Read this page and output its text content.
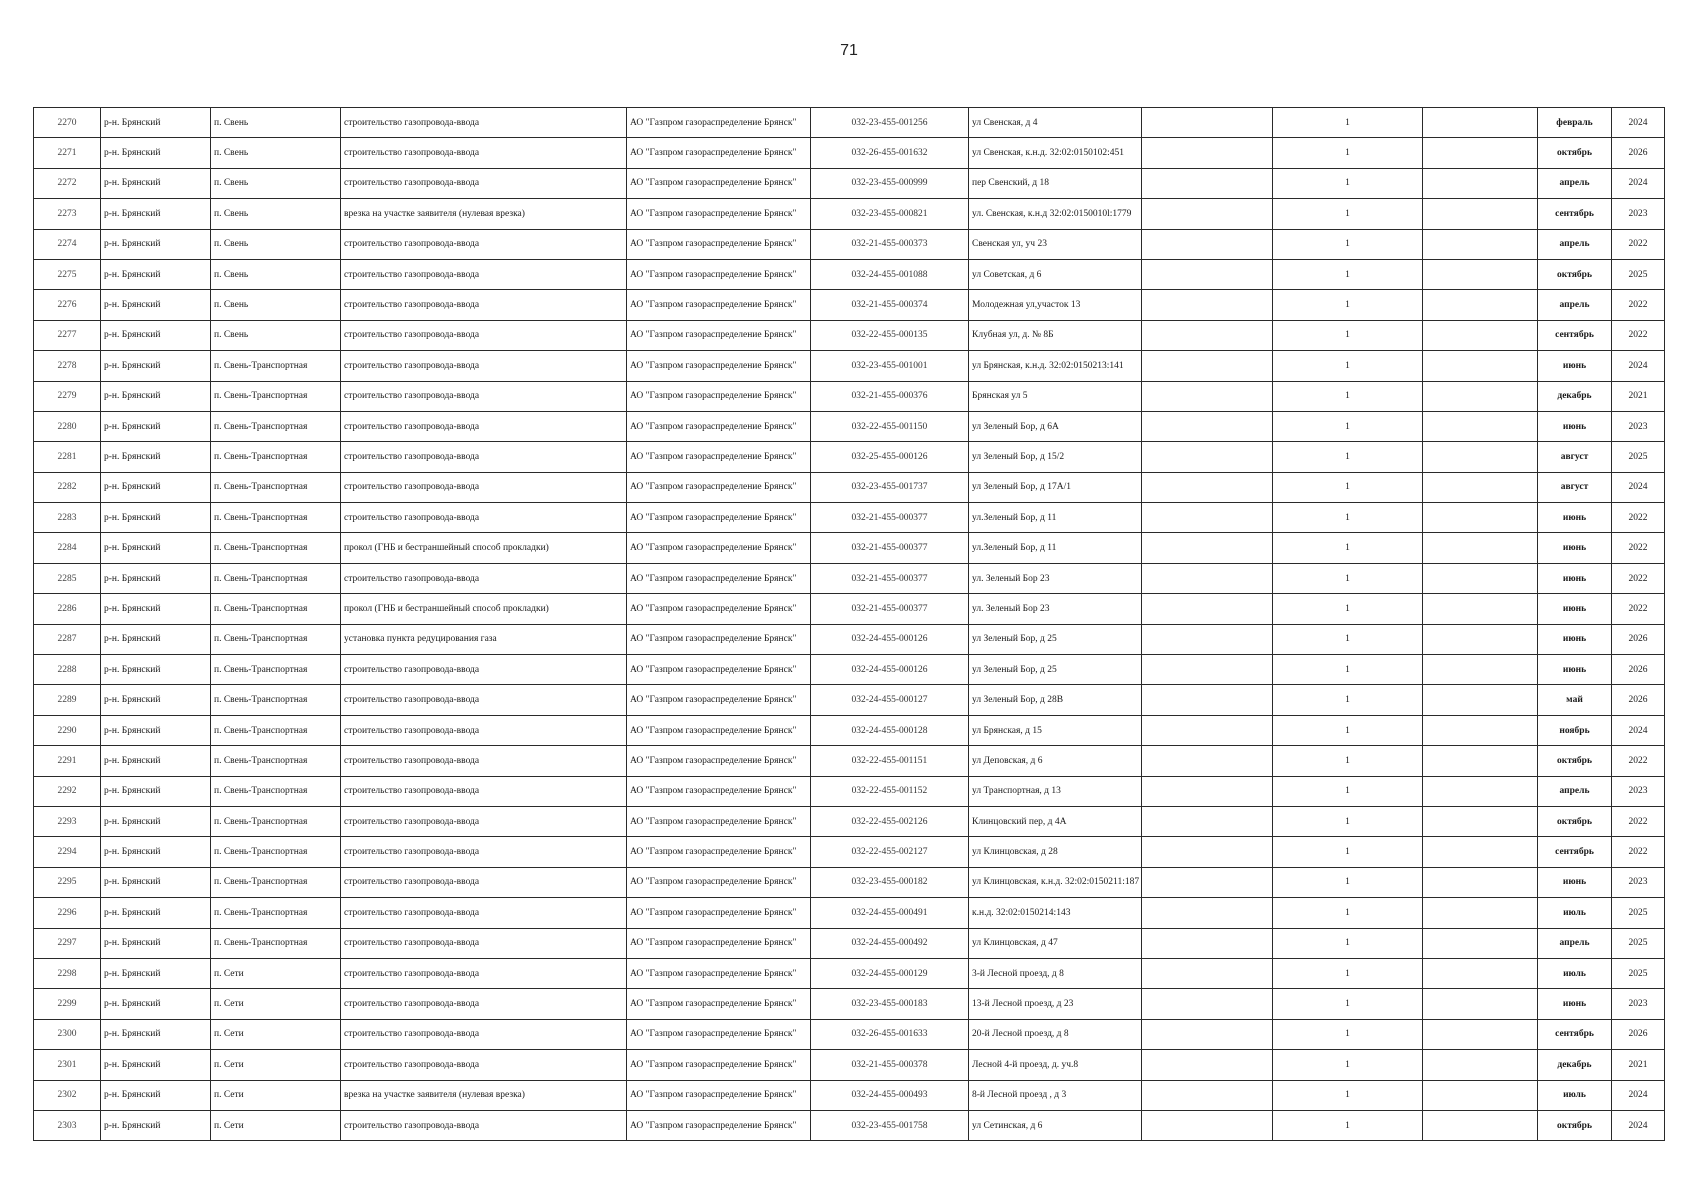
71
2270	р-н. Брянский	п. Свень	строительство газопровода-ввода	АО "Газпром газораспределение Брянск"	032-23-455-001256	ул Свенская, д 4		1		февраль	2024
2271	р-н. Брянский	п. Свень	строительство газопровода-ввода	АО "Газпром газораспределение Брянск"	032-26-455-001632	ул Свенская, к.н.д. 32:02:0150102:451		1		октябрь	2026
2272	р-н. Брянский	п. Свень	строительство газопровода-ввода	АО "Газпром газораспределение Брянск"	032-23-455-000999	пер Свенский, д 18		1		апрель	2024
2273	р-н. Брянский	п. Свень	врезка на участке заявителя (нулевая врезка)	АО "Газпром газораспределение Брянск"	032-23-455-000821	ул. Свенская, к.н.д 32:02:0150010l:1779		1		сентябрь	2023
2274	р-н. Брянский	п. Свень	строительство газопровода-ввода	АО "Газпром газораспределение Брянск"	032-21-455-000373	Свенская ул, уч 23		1		апрель	2022
2275	р-н. Брянский	п. Свень	строительство газопровода-ввода	АО "Газпром газораспределение Брянск"	032-24-455-001088	ул Советская, д 6		1		октябрь	2025
2276	р-н. Брянский	п. Свень	строительство газопровода-ввода	АО "Газпром газораспределение Брянск"	032-21-455-000374	Молодежная ул,участок 13		1		апрель	2022
2277	р-н. Брянский	п. Свень	строительство газопровода-ввода	АО "Газпром газораспределение Брянск"	032-22-455-000135	Клубная ул, д. № 8Б		1		сентябрь	2022
2278	р-н. Брянский	п. Свень-Транспортная	строительство газопровода-ввода	АО "Газпром газораспределение Брянск"	032-23-455-001001	ул Брянская, к.н.д. 32:02:0150213:141		1		июнь	2024
2279	р-н. Брянский	п. Свень-Транспортная	строительство газопровода-ввода	АО "Газпром газораспределение Брянск"	032-21-455-000376	Брянская ул 5		1		декабрь	2021
2280	р-н. Брянский	п. Свень-Транспортная	строительство газопровода-ввода	АО "Газпром газораспределение Брянск"	032-22-455-001150	ул Зеленый Бор, д 6А		1		июнь	2023
2281	р-н. Брянский	п. Свень-Транспортная	строительство газопровода-ввода	АО "Газпром газораспределение Брянск"	032-25-455-000126	ул Зеленый Бор, д 15/2		1		август	2025
2282	р-н. Брянский	п. Свень-Транспортная	строительство газопровода-ввода	АО "Газпром газораспределение Брянск"	032-23-455-001737	ул Зеленый Бор, д 17А/1		1		август	2024
2283	р-н. Брянский	п. Свень-Транспортная	строительство газопровода-ввода	АО "Газпром газораспределение Брянск"	032-21-455-000377	ул.Зеленый Бор, д 11		1		июнь	2022
2284	р-н. Брянский	п. Свень-Транспортная	прокол (ГНБ и бестраншейный способ прокладки)	АО "Газпром газораспределение Брянск"	032-21-455-000377	ул.Зеленый Бор, д 11		1		июнь	2022
2285	р-н. Брянский	п. Свень-Транспортная	строительство газопровода-ввода	АО "Газпром газораспределение Брянск"	032-21-455-000377	ул. Зеленый Бор 23		1		июнь	2022
2286	р-н. Брянский	п. Свень-Транспортная	прокол (ГНБ и бестраншейный способ прокладки)	АО "Газпром газораспределение Брянск"	032-21-455-000377	ул. Зеленый Бор 23		1		июнь	2022
2287	р-н. Брянский	п. Свень-Транспортная	установка пункта редуцирования газа	АО "Газпром газораспределение Брянск"	032-24-455-000126	ул Зеленый Бор, д 25		1		июнь	2026
2288	р-н. Брянский	п. Свень-Транспортная	строительство газопровода-ввода	АО "Газпром газораспределение Брянск"	032-24-455-000126	ул Зеленый Бор, д 25		1		июнь	2026
2289	р-н. Брянский	п. Свень-Транспортная	строительство газопровода-ввода	АО "Газпром газораспределение Брянск"	032-24-455-000127	ул Зеленый Бор, д 28В		1		май	2026
2290	р-н. Брянский	п. Свень-Транспортная	строительство газопровода-ввода	АО "Газпром газораспределение Брянск"	032-24-455-000128	ул Брянская, д 15		1		ноябрь	2024
2291	р-н. Брянский	п. Свень-Транспортная	строительство газопровода-ввода	АО "Газпром газораспределение Брянск"	032-22-455-001151	ул Деповская, д 6		1		октябрь	2022
2292	р-н. Брянский	п. Свень-Транспортная	строительство газопровода-ввода	АО "Газпром газораспределение Брянск"	032-22-455-001152	ул Транспортная, д 13		1		апрель	2023
2293	р-н. Брянский	п. Свень-Транспортная	строительство газопровода-ввода	АО "Газпром газораспределение Брянск"	032-22-455-002126	Клинцовский пер, д 4А		1		октябрь	2022
2294	р-н. Брянский	п. Свень-Транспортная	строительство газопровода-ввода	АО "Газпром газораспределение Брянск"	032-22-455-002127	ул Клинцовская, д 28		1		сентябрь	2022
2295	р-н. Брянский	п. Свень-Транспортная	строительство газопровода-ввода	АО "Газпром газораспределение Брянск"	032-23-455-000182	ул Клинцовская, к.н.д. 32:02:0150211:187		1		июнь	2023
2296	р-н. Брянский	п. Свень-Транспортная	строительство газопровода-ввода	АО "Газпром газораспределение Брянск"	032-24-455-000491	к.н.д. 32:02:0150214:143		1		июль	2025
2297	р-н. Брянский	п. Свень-Транспортная	строительство газопровода-ввода	АО "Газпром газораспределение Брянск"	032-24-455-000492	ул Клинцовская, д 47		1		апрель	2025
2298	р-н. Брянский	п. Сети	строительство газопровода-ввода	АО "Газпром газораспределение Брянск"	032-24-455-000129	3-й Лесной проезд, д 8		1		июль	2025
2299	р-н. Брянский	п. Сети	строительство газопровода-ввода	АО "Газпром газораспределение Брянск"	032-23-455-000183	13-й Лесной проезд, д 23		1		июнь	2023
2300	р-н. Брянский	п. Сети	строительство газопровода-ввода	АО "Газпром газораспределение Брянск"	032-26-455-001633	20-й Лесной проезд, д 8		1		сентябрь	2026
2301	р-н. Брянский	п. Сети	строительство газопровода-ввода	АО "Газпром газораспределение Брянск"	032-21-455-000378	Лесной 4-й проезд, д. уч.8		1		декабрь	2021
2302	р-н. Брянский	п. Сети	врезка на участке заявителя (нулевая врезка)	АО "Газпром газораспределение Брянск"	032-24-455-000493	8-й Лесной проезд , д 3		1		июль	2024
2303	р-н. Брянский	п. Сети	строительство газопровода-ввода	АО "Газпром газораспределение Брянск"	032-23-455-001758	ул Сетинская, д 6		1		октябрь	2024
